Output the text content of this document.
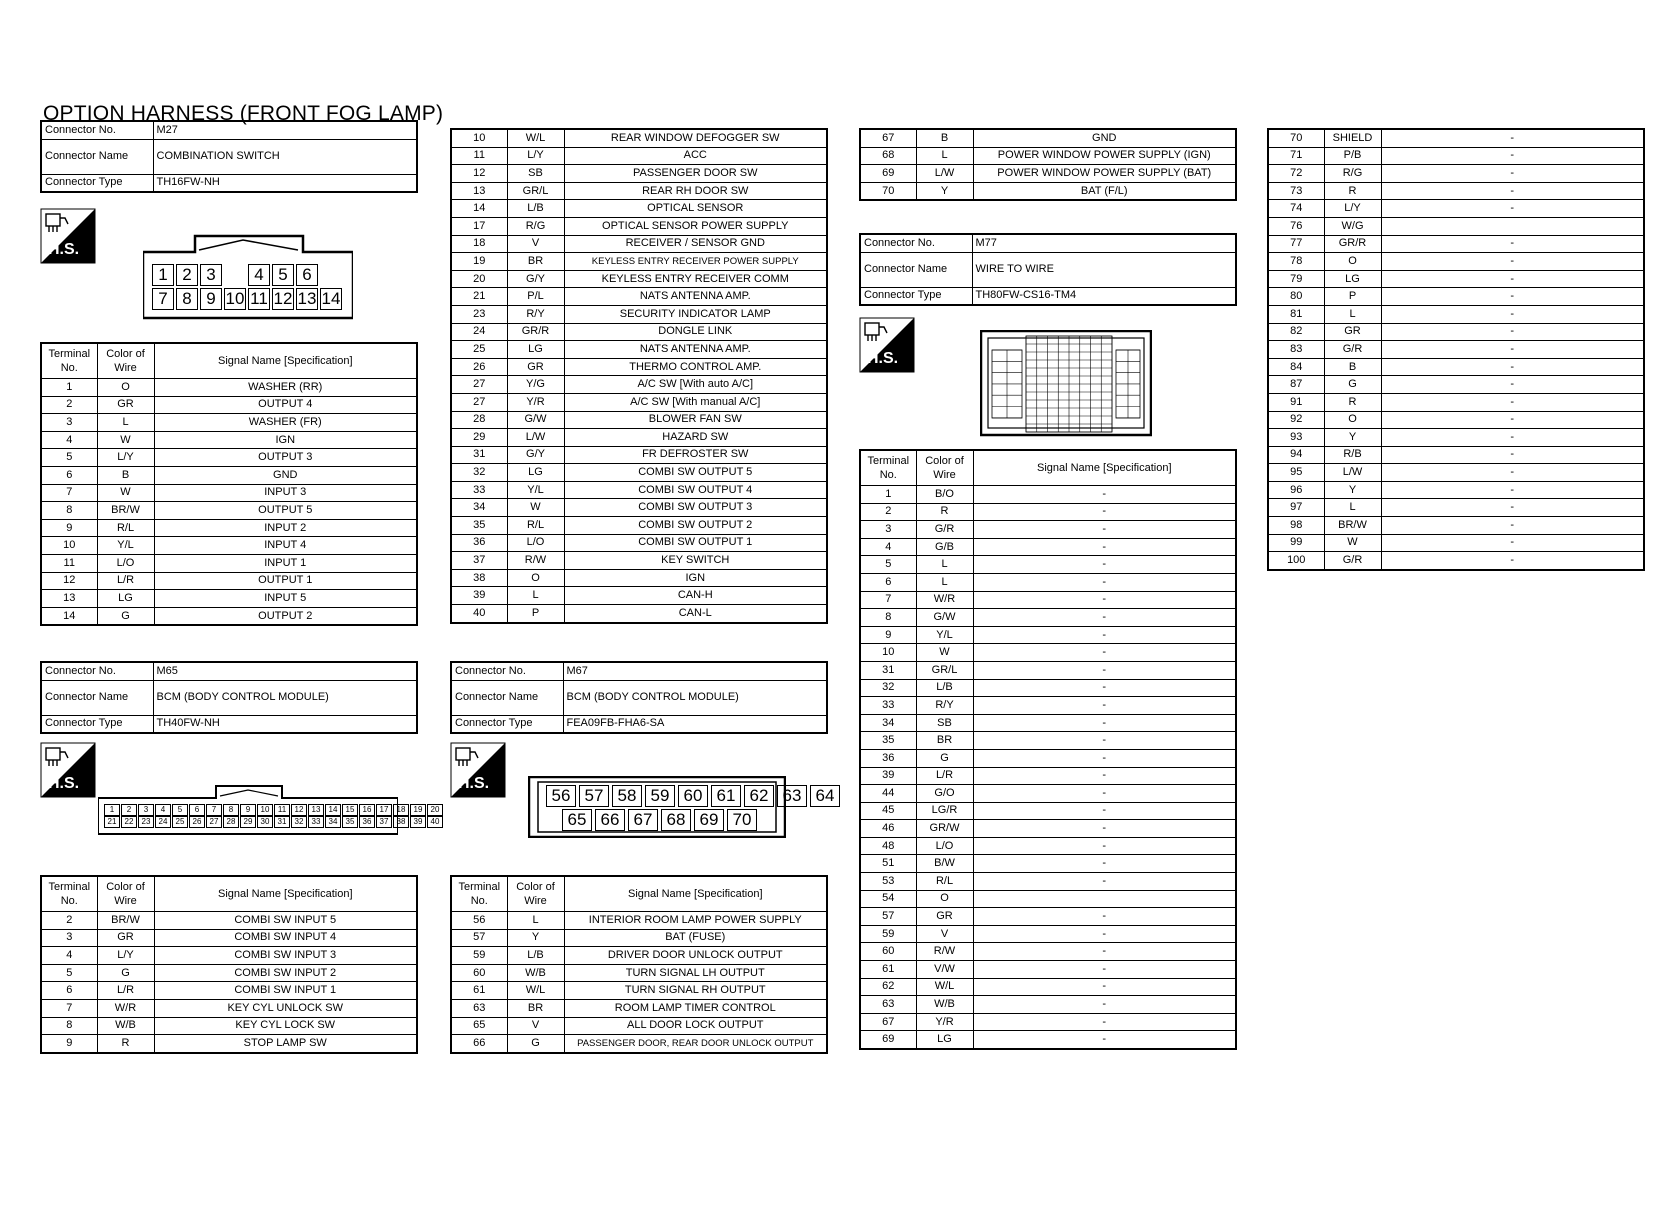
OPTION HARNESS (FRONT FOG LAMP)
Connector No.	M27
Connector Name	COMBINATION SWITCH
Connector Type	TH16FW-NH
H.S.
H.S.	H.S.
H.S.
1 2 3	4 5 6
7 8 9 10 11 12 13 14
Terminal No.	Color of Wire	Signal Name [Specification]
1	O	WASHER (RR)
2	GR	OUTPUT 4
3	L	WASHER (FR)
4	W	IGN
5	L/Y	OUTPUT 3
6	B	GND
7	W	INPUT 3
8	BR/W	OUTPUT 5
9	R/L	INPUT 2
10	Y/L	INPUT 4
11	L/O	INPUT 1
12	L/R	OUTPUT 1
13	LG	INPUT 5
14	G	OUTPUT 2
10	W/L	REAR WINDOW DEFOGGER SW
11	L/Y	ACC
12	SB	PASSENGER DOOR SW
13	GR/L	REAR RH DOOR SW
14	L/B	OPTICAL SENSOR
17	R/G	OPTICAL SENSOR POWER SUPPLY
18	V	RECEIVER / SENSOR GND
19	BR	KEYLESS ENTRY RECEIVER POWER SUPPLY
20	G/Y	KEYLESS ENTRY RECEIVER COMM
21	P/L	NATS ANTENNA AMP.
23	R/Y	SECURITY INDICATOR LAMP
24	GR/R	DONGLE LINK
25	LG	NATS ANTENNA AMP.
26	GR	THERMO CONTROL AMP.
27	Y/G	A/C SW [With auto A/C]
27	Y/R	A/C SW [With manual A/C]
28	G/W	BLOWER FAN SW
29	L/W	HAZARD SW
31	G/Y	FR DEFROSTER SW
32	LG	COMBI SW OUTPUT 5
33	Y/L	COMBI SW OUTPUT 4
34	W	COMBI SW OUTPUT 3
35	R/L	COMBI SW OUTPUT 2
36	L/O	COMBI SW OUTPUT 1
37	R/W	KEY SWITCH
38	O	IGN
39	L	CAN-H
40	P	CAN-L
Connector No.	M65
Connector Name	BCM (BODY CONTROL MODULE)
Connector Type	TH40FW-NH
1	2	3	4	5	6	7	8	9	10	11	12	13	14	15	16	17	18	19	20
21	22	23	24	25	26	27	28	29	30	31	32	33	34	35	36	37	38	39	40
Terminal No.	Color of Wire	Signal Name [Specification]
2	BR/W	COMBI SW INPUT 5
3	GR	COMBI SW INPUT 4
4	L/Y	COMBI SW INPUT 3
5	G	COMBI SW INPUT 2
6	L/R	COMBI SW INPUT 1
7	W/R	KEY CYL UNLOCK SW
8	W/B	KEY CYL LOCK SW
9	R	STOP LAMP SW
Connector No.	M67
Connector Name	BCM (BODY CONTROL MODULE)
Connector Type	FEA09FB-FHA6-SA
56 57 58 59 60 61 62 63 64
65 66 67 68 69 70
Terminal No.	Color of Wire	Signal Name [Specification]
56	L	INTERIOR ROOM LAMP POWER SUPPLY
57	Y	BAT (FUSE)
59	L/B	DRIVER DOOR UNLOCK OUTPUT
60	W/B	TURN SIGNAL LH OUTPUT
61	W/L	TURN SIGNAL RH OUTPUT
63	BR	ROOM LAMP TIMER CONTROL
65	V	ALL DOOR LOCK OUTPUT
66	G	PASSENGER DOOR, REAR DOOR UNLOCK OUTPUT
67	B	GND
68	L	POWER WINDOW POWER SUPPLY (IGN)
69	L/W	POWER WINDOW POWER SUPPLY (BAT)
70	Y	BAT (F/L)
Connector No.	M77
Connector Name	WIRE TO WIRE
Connector Type	TH80FW-CS16-TM4
Terminal No.	Color of Wire	Signal Name [Specification]
1	B/O	-
2	R	-
3	G/R	-
4	G/B	-
5	L	-
6	L	-
7	W/R	-
8	G/W	-
9	Y/L	-
10	W	-
31	GR/L	-
32	L/B	-
33	R/Y	-
34	SB	-
35	BR	-
36	G	-
39	L/R	-
44	G/O	-
45	LG/R	-
46	GR/W	-
48	L/O	-
51	B/W	-
53	R/L	-
54	O	
57	GR	-
59	V	-
60	R/W	-
61	V/W	-
62	W/L	-
63	W/B	-
67	Y/R	-
69	LG	-
70	SHIELD	-
71	P/B	-
72	R/G	-
73	R	-
74	L/Y	-
76	W/G	
77	GR/R	-
78	O	-
79	LG	-
80	P	-
81	L	-
82	GR	-
83	G/R	-
84	B	-
87	G	-
91	R	-
92	O	-
93	Y	-
94	R/B	-
95	L/W	-
96	Y	-
97	L	-
98	BR/W	-
99	W	-
100	G/R	-
